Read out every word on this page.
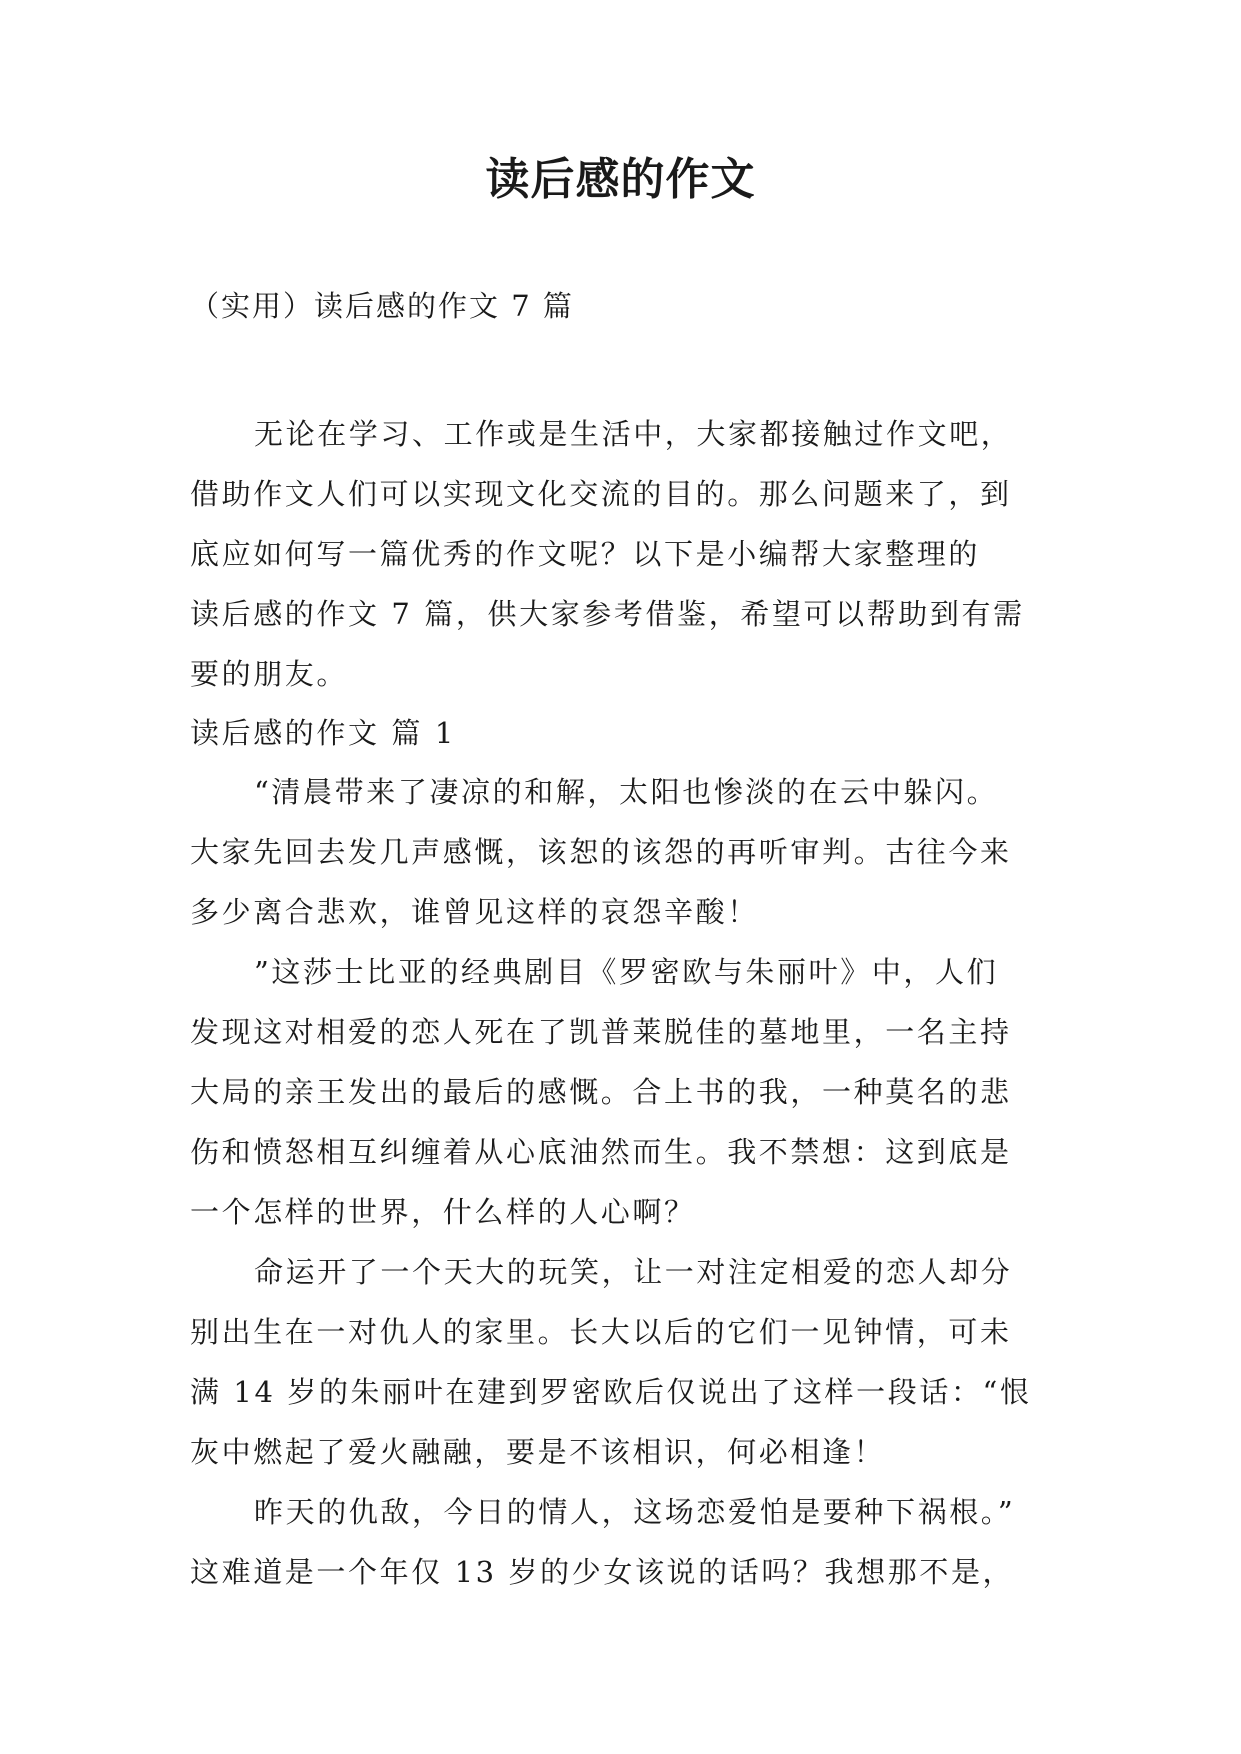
读后感的作文

（实用）读后感的作文 7 篇

无论在学习、工作或是生活中，大家都接触过作文吧，
借助作文人们可以实现文化交流的目的。那么问题来了，到
底应如何写一篇优秀的作文呢？以下是小编帮大家整理的
读后感的作文 7 篇，供大家参考借鉴，希望可以帮助到有需
要的朋友。
读后感的作文 篇 1
“清晨带来了凄凉的和解，太阳也惨淡的在云中躲闪。
大家先回去发几声感慨，该恕的该怨的再听审判。古往今来
多少离合悲欢，谁曾见这样的哀怨辛酸！
”这莎士比亚的经典剧目《罗密欧与朱丽叶》中，人们
发现这对相爱的恋人死在了凯普莱脱佳的墓地里，一名主持
大局的亲王发出的最后的感慨。合上书的我，一种莫名的悲
伤和愤怒相互纠缠着从心底油然而生。我不禁想：这到底是
一个怎样的世界，什么样的人心啊？
命运开了一个天大的玩笑，让一对注定相爱的恋人却分
别出生在一对仇人的家里。长大以后的它们一见钟情，可未
满 14 岁的朱丽叶在建到罗密欧后仅说出了这样一段话：“恨
灰中燃起了爱火融融，要是不该相识，何必相逢！
昨天的仇敌，今日的情人，这场恋爱怕是要种下祸根。”
这难道是一个年仅 13 岁的少女该说的话吗？我想那不是，
